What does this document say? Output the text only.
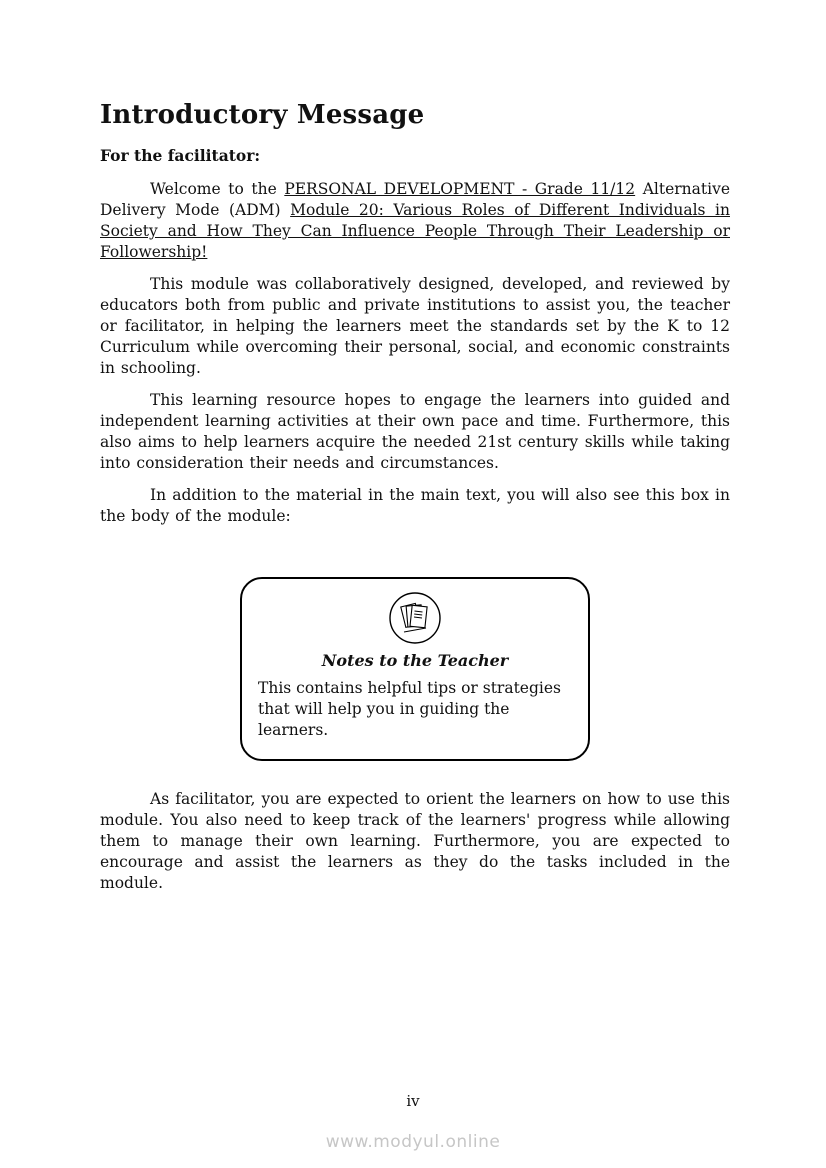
Introductory Message
For the facilitator:

Welcome to the PERSONAL DEVELOPMENT - Grade 11/12 Alternative Delivery Mode (ADM) Module 20: Various Roles of Different Individuals in Society and How They Can Influence People Through Their Leadership or Followership!

This module was collaboratively designed, developed, and reviewed by educators both from public and private institutions to assist you, the teacher or facilitator, in helping the learners meet the standards set by the K to 12 Curriculum while overcoming their personal, social, and economic constraints in schooling.

This learning resource hopes to engage the learners into guided and independent learning activities at their own pace and time. Furthermore, this also aims to help learners acquire the needed 21st century skills while taking into consideration their needs and circumstances.

In addition to the material in the main text, you will also see this box in the body of the module:

Notes to the Teacher
This contains helpful tips or strategies that will help you in guiding the learners.

As facilitator, you are expected to orient the learners on how to use this module. You also need to keep track of the learners' progress while allowing them to manage their own learning. Furthermore, you are expected to encourage and assist the learners as they do the tasks included in the module.

iv
www.modyul.online
